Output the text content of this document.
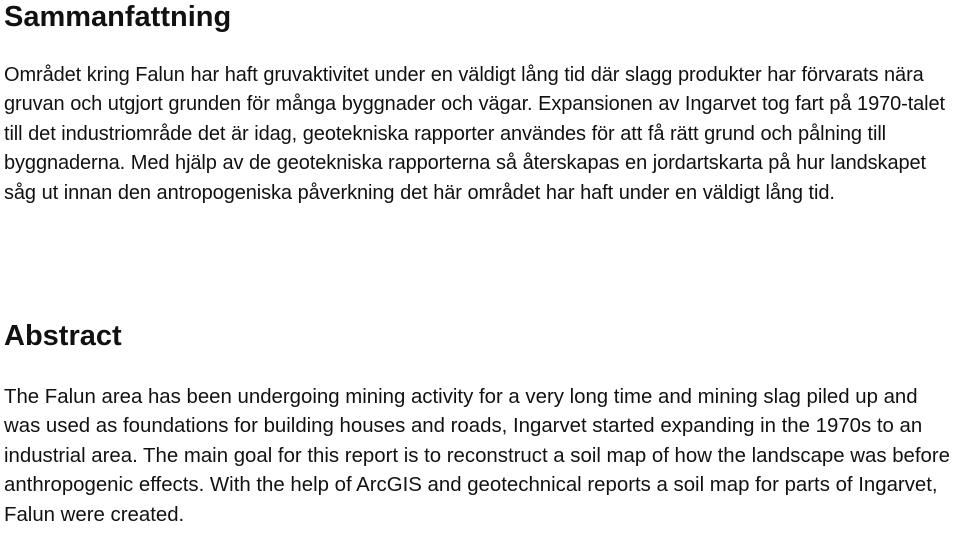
Sammanfattning

Området kring Falun har haft gruvaktivitet under en väldigt lång tid där slagg produkter har förvarats nära gruvan och utgjort grunden för många byggnader och vägar. Expansionen av Ingarvet tog fart på 1970-talet till det industriområde det är idag, geotekniska rapporter användes för att få rätt grund och pålning till byggnaderna. Med hjälp av de geotekniska rapporterna så återskapas en jordartskarta på hur landskapet såg ut innan den antropogeniska påverkning det här området har haft under en väldigt lång tid.

Abstract

The Falun area has been undergoing mining activity for a very long time and mining slag piled up and was used as foundations for building houses and roads, Ingarvet started expanding in the 1970s to an industrial area. The main goal for this report is to reconstruct a soil map of how the landscape was before anthropogenic effects. With the help of ArcGIS and geotechnical reports a soil map for parts of Ingarvet, Falun were created.
